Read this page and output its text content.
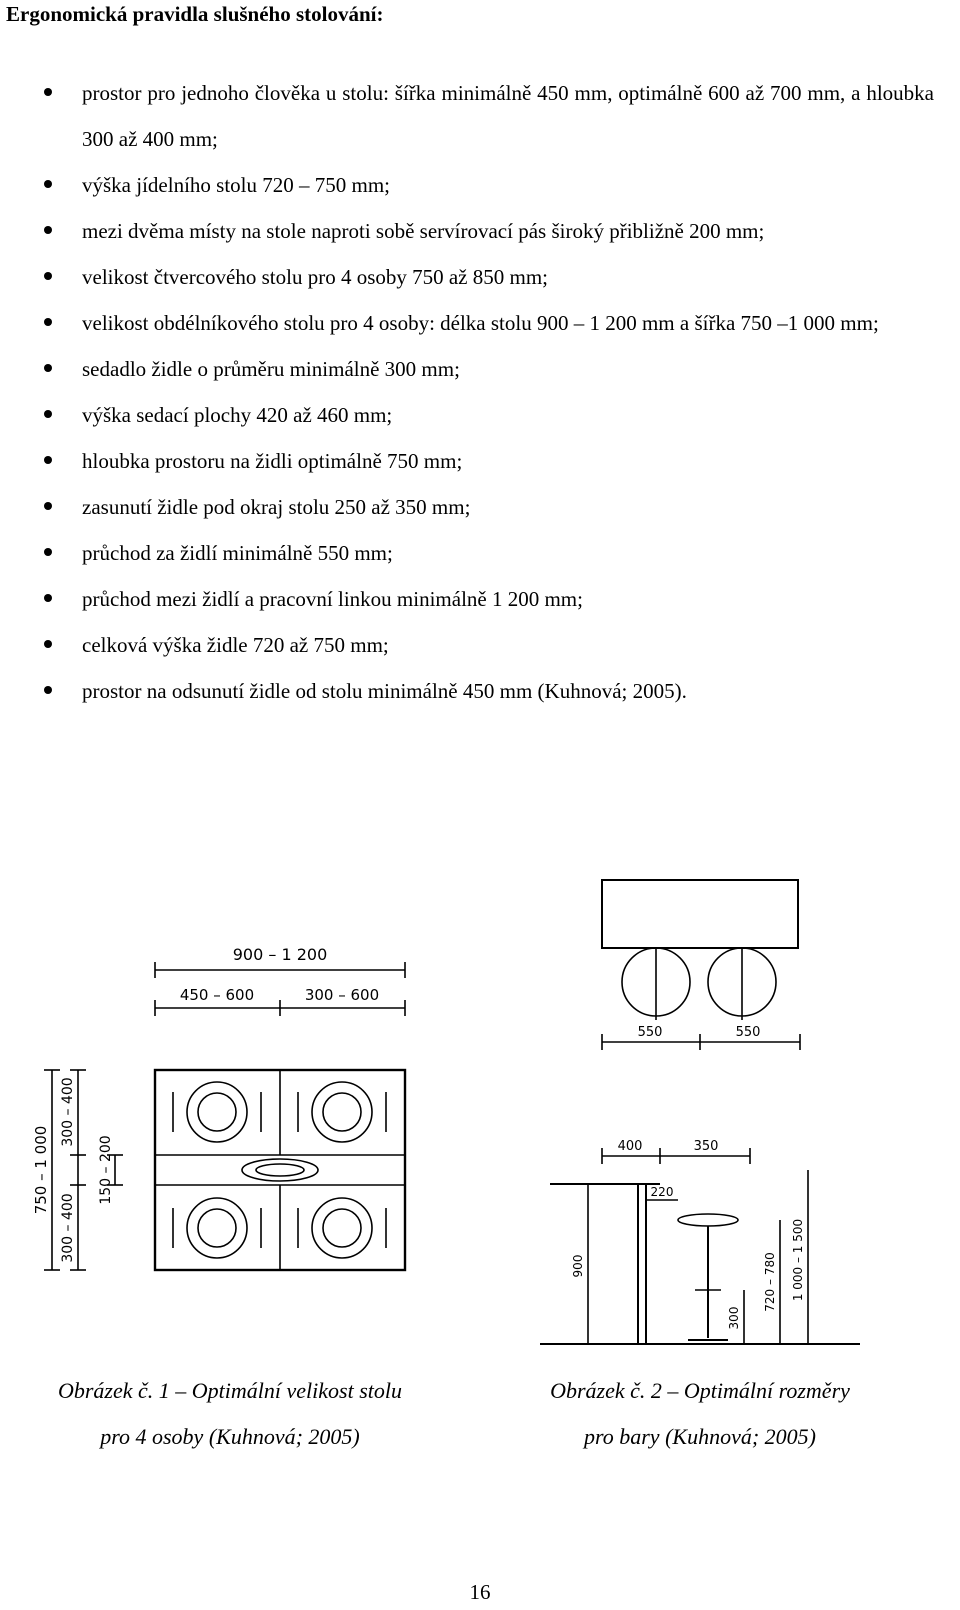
Ergonomická pravidla slušného stolování:
prostor pro jednoho člověka u stolu: šířka minimálně 450 mm, optimálně 600 až 700 mm, a hloubka 300 až 400 mm;
výška jídelního stolu 720 – 750 mm;
mezi dvěma místy na stole naproti sobě servírovací pás široký přibližně 200 mm;
velikost čtvercového stolu pro 4 osoby 750 až 850 mm;
velikost obdélníkového stolu pro 4 osoby: délka stolu 900 – 1 200 mm a šířka 750 –1 000 mm;
sedadlo židle o průměru minimálně 300 mm;
výška sedací plochy 420 až 460 mm;
hloubka prostoru na židli optimálně 750 mm;
zasunutí židle pod okraj stolu 250 až 350 mm;
průchod za židlí minimálně 550 mm;
průchod mezi židlí a pracovní linkou minimálně 1 200 mm;
celková výška židle 720 až 750 mm;
prostor na odsunutí židle od stolu minimálně 450 mm (Kuhnová; 2005).
900 – 1 200
450 – 600	300 – 600
750 – 1 000
300 – 400
300 – 400
150 – 200
550	550
400	350
220
900	720 – 780 1 000 – 1 500
300
Obrázek č. 1 – Optimální velikost stolu
pro 4 osoby (Kuhnová; 2005)
Obrázek č. 2 – Optimální rozměry
pro bary (Kuhnová; 2005)
16
